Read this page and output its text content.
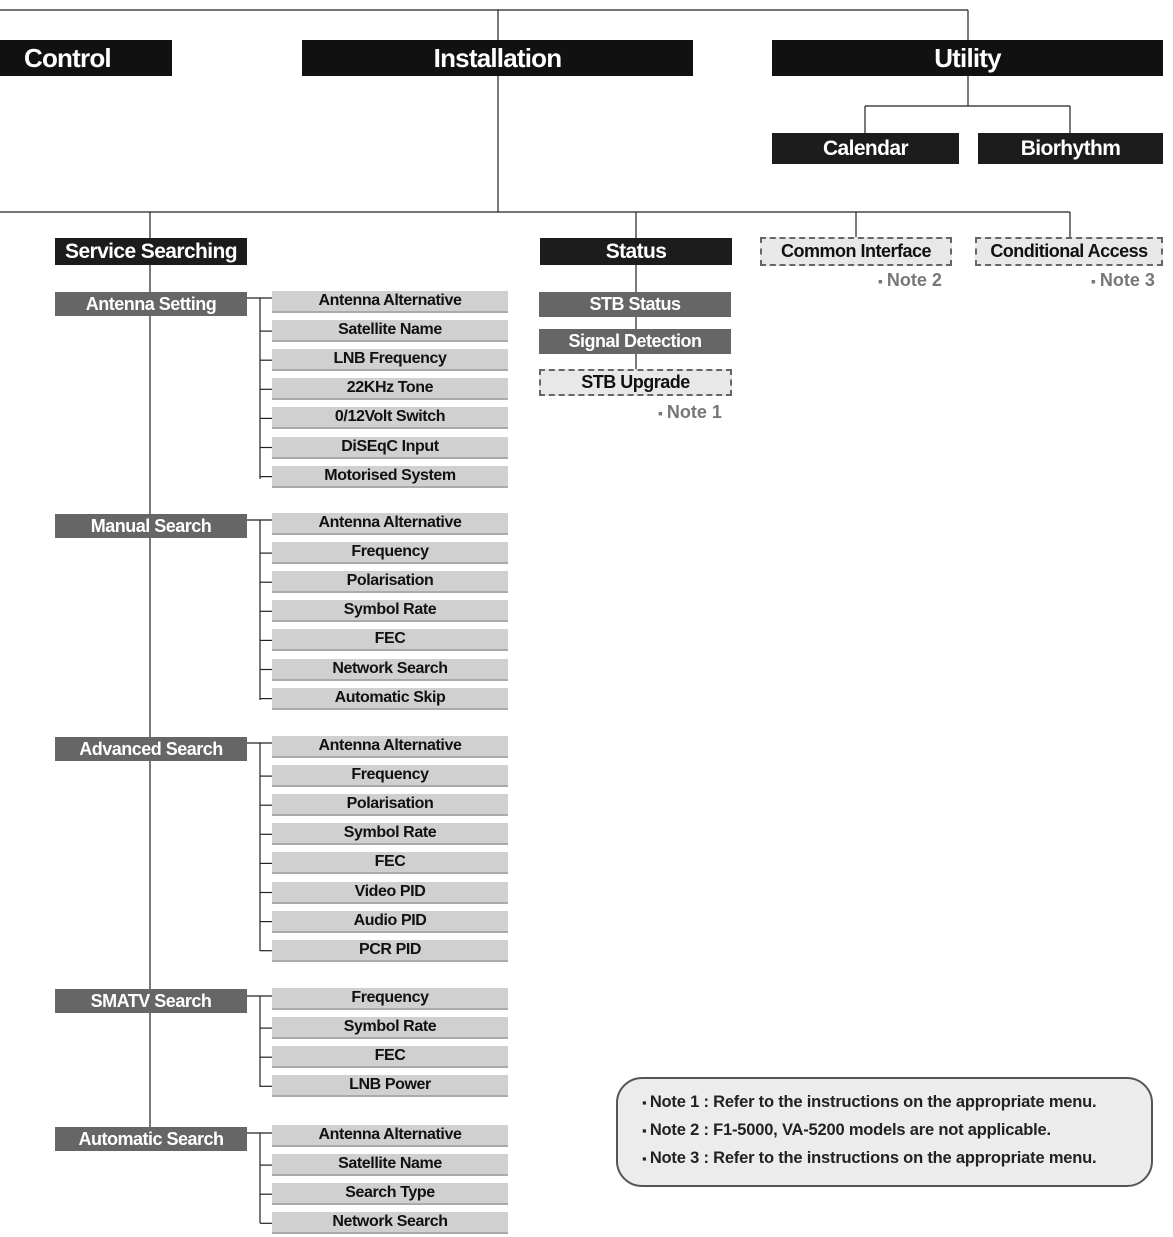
Control	Installation	Utility
Calendar	Biorhythm
Service Searching	Status	Common Interface	Conditional Access
▪ Note 2
▪	Note 3
STB Status
Signal Detection
STB Upgrade
▪ Note 1
Antenna Setting	Antenna Alternative
Satellite Name
LNB Frequency
22KHz Tone
0/12Volt Switch
DiSEqC Input
Motorised System
Manual Search	Antenna Alternative
Frequency
Polarisation
Symbol Rate
FEC
Network Search
Automatic Skip
Advanced Search	Antenna Alternative
Frequency
Polarisation
Symbol Rate
FEC
Video PID
Audio PID
PCR PID
SMATV Search	Frequency
Symbol Rate
FEC
LNB Power
Automatic Search	Antenna Alternative
Satellite Name
Search Type
Network Search
▪ Note 1 : Refer to the instructions on the appropriate menu.
▪ Note 2 : F1-5000, VA-5200 models are not applicable.
▪ Note 3 : Refer to the instructions on the appropriate menu.
